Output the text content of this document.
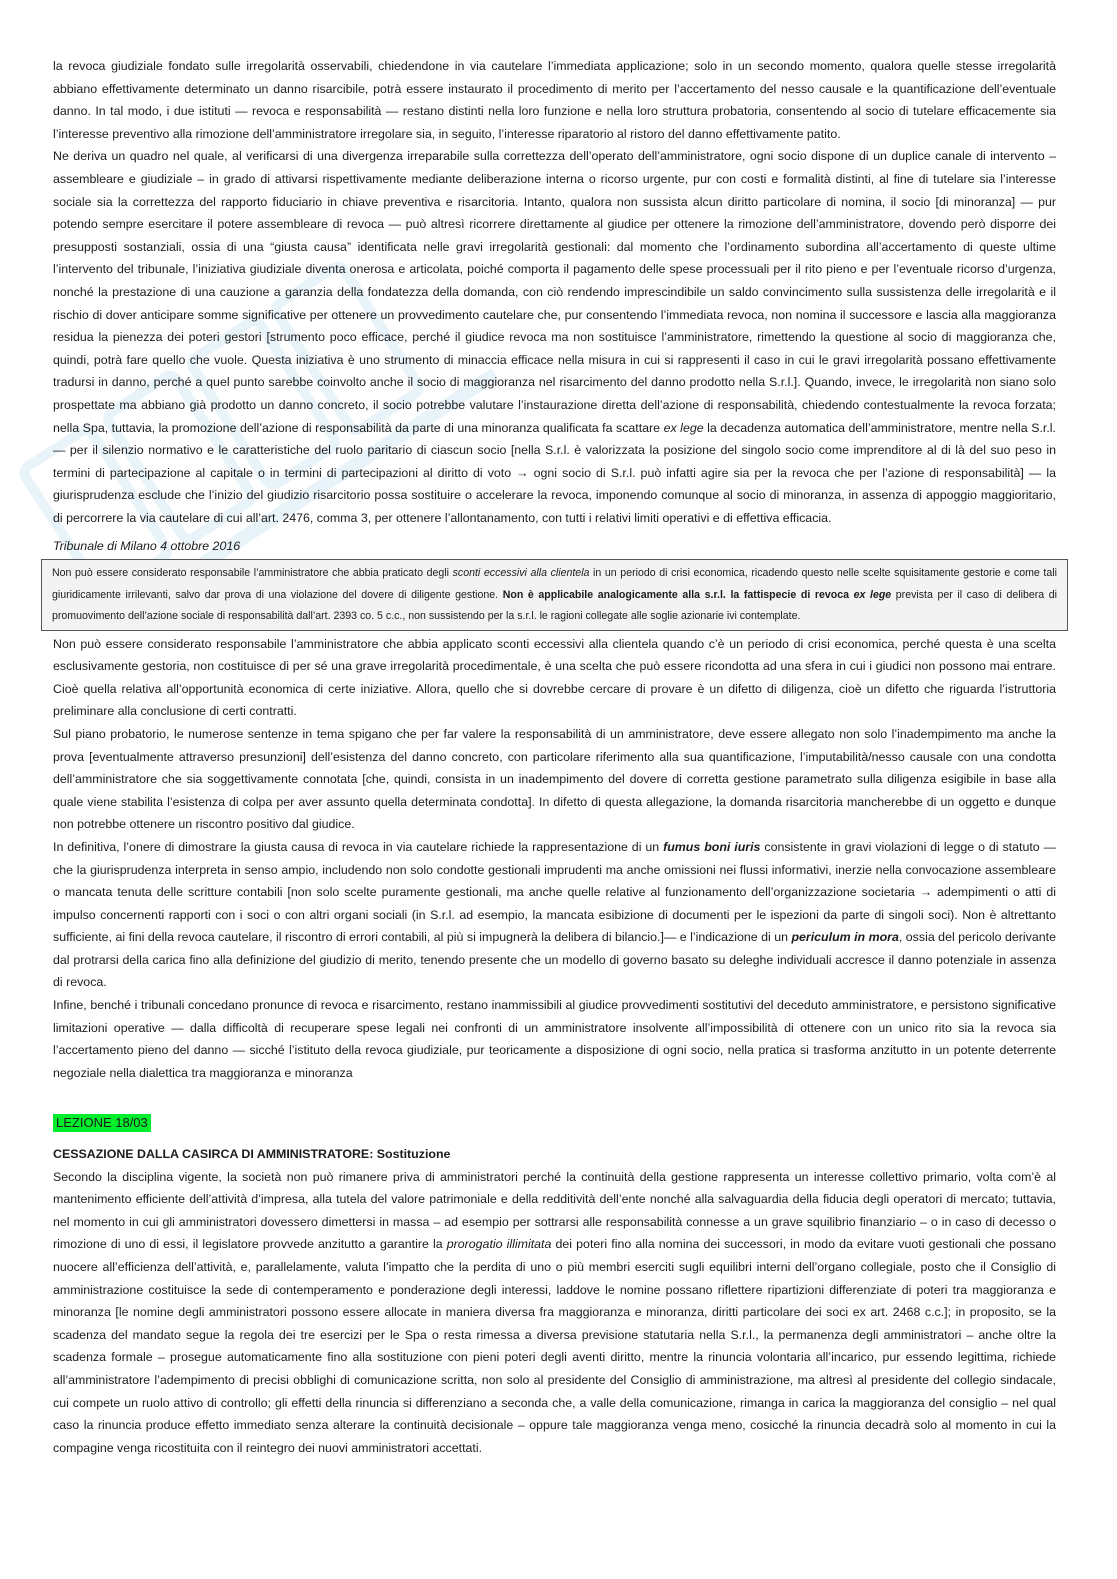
la revoca giudiziale fondato sulle irregolarità osservabili, chiedendone in via cautelare l’immediata applicazione; solo in un secondo momento, qualora quelle stesse irregolarità abbiano effettivamente determinato un danno risarcibile, potrà essere instaurato il procedimento di merito per l’accertamento del nesso causale e la quantificazione dell’eventuale danno. In tal modo, i due istituti — revoca e responsabilità — restano distinti nella loro funzione e nella loro struttura probatoria, consentendo al socio di tutelare efficacemente sia l’interesse preventivo alla rimozione dell’amministratore irregolare sia, in seguito, l’interesse riparatorio al ristoro del danno effettivamente patito.

Ne deriva un quadro nel quale, al verificarsi di una divergenza irreparabile sulla correttezza dell’operato dell’amministratore, ogni socio dispone di un duplice canale di intervento – assembleare e giudiziale – in grado di attivarsi rispettivamente mediante deliberazione interna o ricorso urgente, pur con costi e formalità distinti, al fine di tutelare sia l’interesse sociale sia la correttezza del rapporto fiduciario in chiave preventiva e risarcitoria. Intanto, qualora non sussista alcun diritto particolare di nomina, il socio [di minoranza] — pur potendo sempre esercitare il potere assembleare di revoca — può altresì ricorrere direttamente al giudice per ottenere la rimozione dell’amministratore, dovendo però disporre dei presupposti sostanziali, ossia di una “giusta causa” identificata nelle gravi irregolarità gestionali: dal momento che l’ordinamento subordina all’accertamento di queste ultime l’intervento del tribunale, l’iniziativa giudiziale diventa onerosa e articolata, poiché comporta il pagamento delle spese processuali per il rito pieno e per l’eventuale ricorso d’urgenza, nonché la prestazione di una cauzione a garanzia della fondatezza della domanda, con ciò rendendo imprescindibile un saldo convincimento sulla sussistenza delle irregolarità e il rischio di dover anticipare somme significative per ottenere un provvedimento cautelare che, pur consentendo l’immediata revoca, non nomina il successore e lascia alla maggioranza residua la pienezza dei poteri gestori [strumento poco efficace, perché il giudice revoca ma non sostituisce l’amministratore, rimettendo la questione al socio di maggioranza che, quindi, potrà fare quello che vuole. Questa iniziativa è uno strumento di minaccia efficace nella misura in cui si rappresenti il caso in cui le gravi irregolarità possano effettivamente tradursi in danno, perché a quel punto sarebbe coinvolto anche il socio di maggioranza nel risarcimento del danno prodotto nella S.r.l.]. Quando, invece, le irregolarità non siano solo prospettate ma abbiano già prodotto un danno concreto, il socio potrebbe valutare l’instaurazione diretta dell’azione di responsabilità, chiedendo contestualmente la revoca forzata; nella Spa, tuttavia, la promozione dell’azione di responsabilità da parte di una minoranza qualificata fa scattare ex lege la decadenza automatica dell’amministratore, mentre nella S.r.l. — per il silenzio normativo e le caratteristiche del ruolo paritario di ciascun socio [nella S.r.l. è valorizzata la posizione del singolo socio come imprenditore al di là del suo peso in termini di partecipazione al capitale o in termini di partecipazioni al diritto di voto → ogni socio di S.r.l. può infatti agire sia per la revoca che per l’azione di responsabilità] — la giurisprudenza esclude che l’inizio del giudizio risarcitorio possa sostituire o accelerare la revoca, imponendo comunque al socio di minoranza, in assenza di appoggio maggioritario, di percorrere la via cautelare di cui all’art. 2476, comma 3, per ottenere l’allontanamento, con tutti i relativi limiti operativi e di effettiva efficacia.

Tribunale di Milano 4 ottobre 2016

Non può essere considerato responsabile l’amministratore che abbia praticato degli sconti eccessivi alla clientela in un periodo di crisi economica, ricadendo questo nelle scelte squisitamente gestorie e come tali giuridicamente irrilevanti, salvo dar prova di una violazione del dovere di diligente gestione. Non è applicabile analogicamente alla s.r.l. la fattispecie di revoca ex lege prevista per il caso di delibera di promuovimento dell’azione sociale di responsabilità dall’art. 2393 co. 5 c.c., non sussistendo per la s.r.l. le ragioni collegate alle soglie azionarie ivi contemplate.

Non può essere considerato responsabile l’amministratore che abbia applicato sconti eccessivi alla clientela quando c’è un periodo di crisi economica, perché questa è una scelta esclusivamente gestoria, non costituisce di per sé una grave irregolarità procedimentale, è una scelta che può essere ricondotta ad una sfera in cui i giudici non possono mai entrare. Cioè quella relativa all’opportunità economica di certe iniziative. Allora, quello che si dovrebbe cercare di provare è un difetto di diligenza, cioè un difetto che riguarda l’istruttoria preliminare alla conclusione di certi contratti.

Sul piano probatorio, le numerose sentenze in tema spigano che per far valere la responsabilità di un amministratore, deve essere allegato non solo l’inadempimento ma anche la prova [eventualmente attraverso presunzioni] dell’esistenza del danno concreto, con particolare riferimento alla sua quantificazione, l’imputabilità/nesso causale con una condotta dell’amministratore che sia soggettivamente connotata [che, quindi, consista in un inadempimento del dovere di corretta gestione parametrato sulla diligenza esigibile in base alla quale viene stabilita l’esistenza di colpa per aver assunto quella determinata condotta]. In difetto di questa allegazione, la domanda risarcitoria mancherebbe di un oggetto e dunque non potrebbe ottenere un riscontro positivo dal giudice.

In definitiva, l’onere di dimostrare la giusta causa di revoca in via cautelare richiede la rappresentazione di un fumus boni iuris consistente in gravi violazioni di legge o di statuto — che la giurisprudenza interpreta in senso ampio, includendo non solo condotte gestionali imprudenti ma anche omissioni nei flussi informativi, inerzie nella convocazione assembleare o mancata tenuta delle scritture contabili [non solo scelte puramente gestionali, ma anche quelle relative al funzionamento dell’organizzazione societaria → adempimenti o atti di impulso concernenti rapporti con i soci o con altri organi sociali (in S.r.l. ad esempio, la mancata esibizione di documenti per le ispezioni da parte di singoli soci). Non è altrettanto sufficiente, ai fini della revoca cautelare, il riscontro di errori contabili, al più si impugnerà la delibera di bilancio.]— e l’indicazione di un periculum in mora, ossia del pericolo derivante dal protrarsi della carica fino alla definizione del giudizio di merito, tenendo presente che un modello di governo basato su deleghe individuali accresce il danno potenziale in assenza di revoca.

Infine, benché i tribunali concedano pronunce di revoca e risarcimento, restano inammissibili al giudice provvedimenti sostitutivi del deceduto amministratore, e persistono significative limitazioni operative — dalla difficoltà di recuperare spese legali nei confronti di un amministratore insolvente all’impossibilità di ottenere con un unico rito sia la revoca sia l’accertamento pieno del danno — sicché l’istituto della revoca giudiziale, pur teoricamente a disposizione di ogni socio, nella pratica si trasforma anzitutto in un potente deterrente negoziale nella dialettica tra maggioranza e minoranza

LEZIONE 18/03

CESSAZIONE DALLA CASIRCA DI AMMINISTRATORE: Sostituzione

Secondo la disciplina vigente, la società non può rimanere priva di amministratori perché la continuità della gestione rappresenta un interesse collettivo primario, volta com’è al mantenimento efficiente dell’attività d’impresa, alla tutela del valore patrimoniale e della redditività dell’ente nonché alla salvaguardia della fiducia degli operatori di mercato; tuttavia, nel momento in cui gli amministratori dovessero dimettersi in massa – ad esempio per sottrarsi alle responsabilità connesse a un grave squilibrio finanziario – o in caso di decesso o rimozione di uno di essi, il legislatore provvede anzitutto a garantire la prorogatio illimitata dei poteri fino alla nomina dei successori, in modo da evitare vuoti gestionali che possano nuocere all’efficienza dell’attività, e, parallelamente, valuta l’impatto che la perdita di uno o più membri eserciti sugli equilibri interni dell’organo collegiale, posto che il Consiglio di amministrazione costituisce la sede di contemperamento e ponderazione degli interessi, laddove le nomine possano riflettere ripartizioni differenziate di poteri tra maggioranza e minoranza [le nomine degli amministratori possono essere allocate in maniera diversa fra maggioranza e minoranza, diritti particolare dei soci ex art. 2468 c.c.]; in proposito, se la scadenza del mandato segue la regola dei tre esercizi per le Spa o resta rimessa a diversa previsione statutaria nella S.r.l., la permanenza degli amministratori – anche oltre la scadenza formale – prosegue automaticamente fino alla sostituzione con pieni poteri degli aventi diritto, mentre la rinuncia volontaria all’incarico, pur essendo legittima, richiede all’amministratore l’adempimento di precisi obblighi di comunicazione scritta, non solo al presidente del Consiglio di amministrazione, ma altresì al presidente del collegio sindacale, cui compete un ruolo attivo di controllo; gli effetti della rinuncia si differenziano a seconda che, a valle della comunicazione, rimanga in carica la maggioranza del consiglio – nel qual caso la rinuncia produce effetto immediato senza alterare la continuità decisionale – oppure tale maggioranza venga meno, cosicché la rinuncia decadrà solo al momento in cui la compagine venga ricostituita con il reintegro dei nuovi amministratori accettati.
